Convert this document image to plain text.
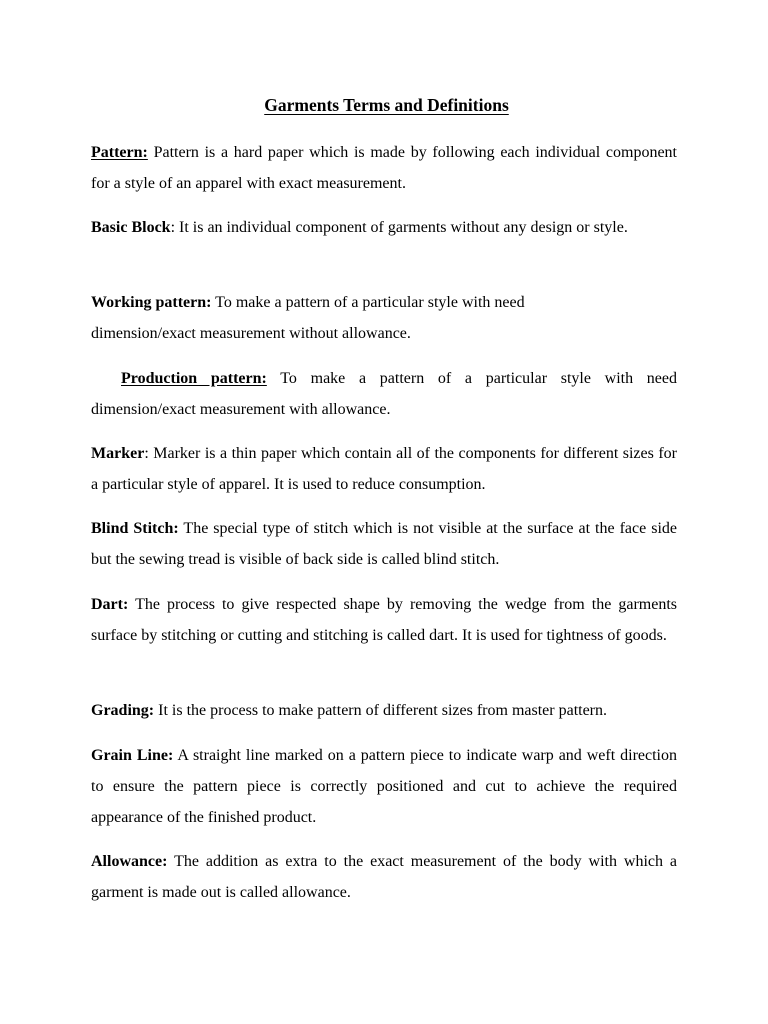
Garments Terms and Definitions

Pattern: Pattern is a hard paper which is made by following each individual component for a style of an apparel with exact measurement.

Basic Block: It is an individual component of garments without any design or style.

Working pattern: To make a pattern of a particular style with need dimension/exact measurement without allowance.

Production pattern: To make a pattern of a particular style with need dimension/exact measurement with allowance.

Marker: Marker is a thin paper which contain all of the components for different sizes for a particular style of apparel. It is used to reduce consumption.

Blind Stitch: The special type of stitch which is not visible at the surface at the face side but the sewing tread is visible of back side is called blind stitch.

Dart: The process to give respected shape by removing the wedge from the garments surface by stitching or cutting and stitching is called dart. It is used for tightness of goods.

Grading: It is the process to make pattern of different sizes from master pattern.

Grain Line: A straight line marked on a pattern piece to indicate warp and weft direction to ensure the pattern piece is correctly positioned and cut to achieve the required appearance of the finished product.

Allowance: The addition as extra to the exact measurement of the body with which a garment is made out is called allowance.
